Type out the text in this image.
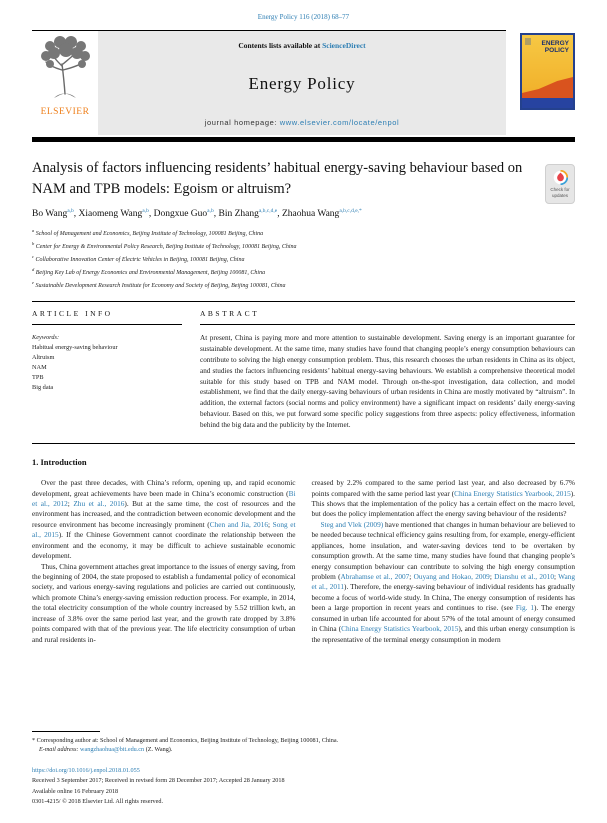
Energy Policy 116 (2018) 68–77
ELSEVIER
Contents lists available at ScienceDirect
Energy Policy
journal homepage: www.elsevier.com/locate/enpol
ENERGY
POLICY
Analysis of factors influencing residents’ habitual energy-saving behaviour based on NAM and TPB models: Egoism or altruism?	Check for updates
Bo Wang$^{a,b}$, Xiaomeng Wang$^{a,b}$, Dongxue Guo$^{a,b}$, Bin Zhang$^{a,b,c,d,e}$, Zhaohua Wang$^{a,b,c,d,e,*}$
$^a$ School of Management and Economics, Beijing Institute of Technology, 100081 Beijing, China
$^b$ Center for Energy & Environmental Policy Research, Beijing Institute of Technology, 100081 Beijing, China
$^c$ Collaborative Innovation Center of Electric Vehicles in Beijing, 100081 Beijing, China
$^d$ Beijing Key Lab of Energy Economics and Environmental Management, Beijing 100081, China
$^e$ Sustainable Development Research Institute for Economy and Society of Beijing, Beijing 100081, China
ARTICLE INFO
Keywords:
Habitual energy-saving behaviour
Altruism
NAM
TPB
Big data
ABSTRACT
At present, China is paying more and more attention to sustainable development. Saving energy is an important guarantee for sustainable development. At the same time, many studies have found that changing people’s energy consumption behaviours can contribute to solving the high energy consumption problem. Thus, this research chooses the urban residents in China as its object, and studies the factors influencing residents’ habitual energy-saving behaviours. We establish a comprehensive theoretical model suitable for this study based on TPB and NAM model. Through on-the-spot investigation, data collection, and model establishment, we find that the daily energy-saving behaviours of urban residents in China are mostly motivated by “altruism”. In addition, the external factors (social norms and policy environment) have a significant impact on residents’ daily energy-saving behaviour. Based on this, we put forward some specific policy suggestions from three aspects: policy effectiveness, information behind the big data and the publicity by the Internet.
1. Introduction

Over the past three decades, with China’s reform, opening up, and rapid economic development, great achievements have been made in China’s economic construction (Bi et al., 2012; Zhu et al., 2016). But at the same time, the cost of resources and the environment has increased, and the contradiction between economic development and the resource environment has become increasingly prominent (Chen and Jia, 2016; Song et al., 2015). If the Chinese Government cannot coordinate the relationship between the environment and the economy, it may be difficult to achieve sustainable economic development.

Thus, China government attaches great importance to the issues of energy saving, from the beginning of 2004, the state proposed to establish a fundamental policy of economical society, and various energy-saving regulations and policies are carried out continuously, which promote China’s energy-saving emission reduction process. For example, in 2014, the total electricity consumption of the whole country increased by 5.52 trillion kwh, an increase of 3.8% over the same period last year, and the growth rate dropped by 3.8% points compared with that of the previous year. The life electricity consumption of urban and rural residents in-

creased by 2.2% compared to the same period last year, and also decreased by 6.7% points compared with the same period last year (China Energy Statistics Yearbook, 2015). This shows that the implementation of the policy has a certain effect on the macro level, but does the policy implementation affect the energy saving behaviour of the residents?

Steg and Vlek (2009) have mentioned that changes in human behaviour are believed to be needed because technical efficiency gains resulting from, for example, energy-efficient appliances, home insulation, and water-saving devices tend to be overtaken by consumption growth. At the same time, many studies have found that changing people’s energy consumption behaviour can contribute to solving the high energy consumption problem (Abrahamse et al., 2007; Ouyang and Hokao, 2009; Dianshu et al., 2010; Wang et al., 2011). Therefore, the energy-saving behaviour of individual residents has gradually become a focus of world-wide study. In China, The energy consumption of residents has been a large proportion in recent years and continues to rise. (see Fig. 1). The energy consumed in urban life accounted for about 57% of the total amount of energy consumed in China (China Energy Statistics Yearbook, 2015), and this urban energy consumption is the representative of the terminal energy consumption in modern

* Corresponding author at: School of Management and Economics, Beijing Institute of Technology, Beijing 100081, China.
E-mail address: wangzhaohua@bit.edu.cn (Z. Wang).
https://doi.org/10.1016/j.enpol.2018.01.055
Received 3 September 2017; Received in revised form 28 December 2017; Accepted 28 January 2018
Available online 16 February 2018
0301-4215/ © 2018 Elsevier Ltd. All rights reserved.
